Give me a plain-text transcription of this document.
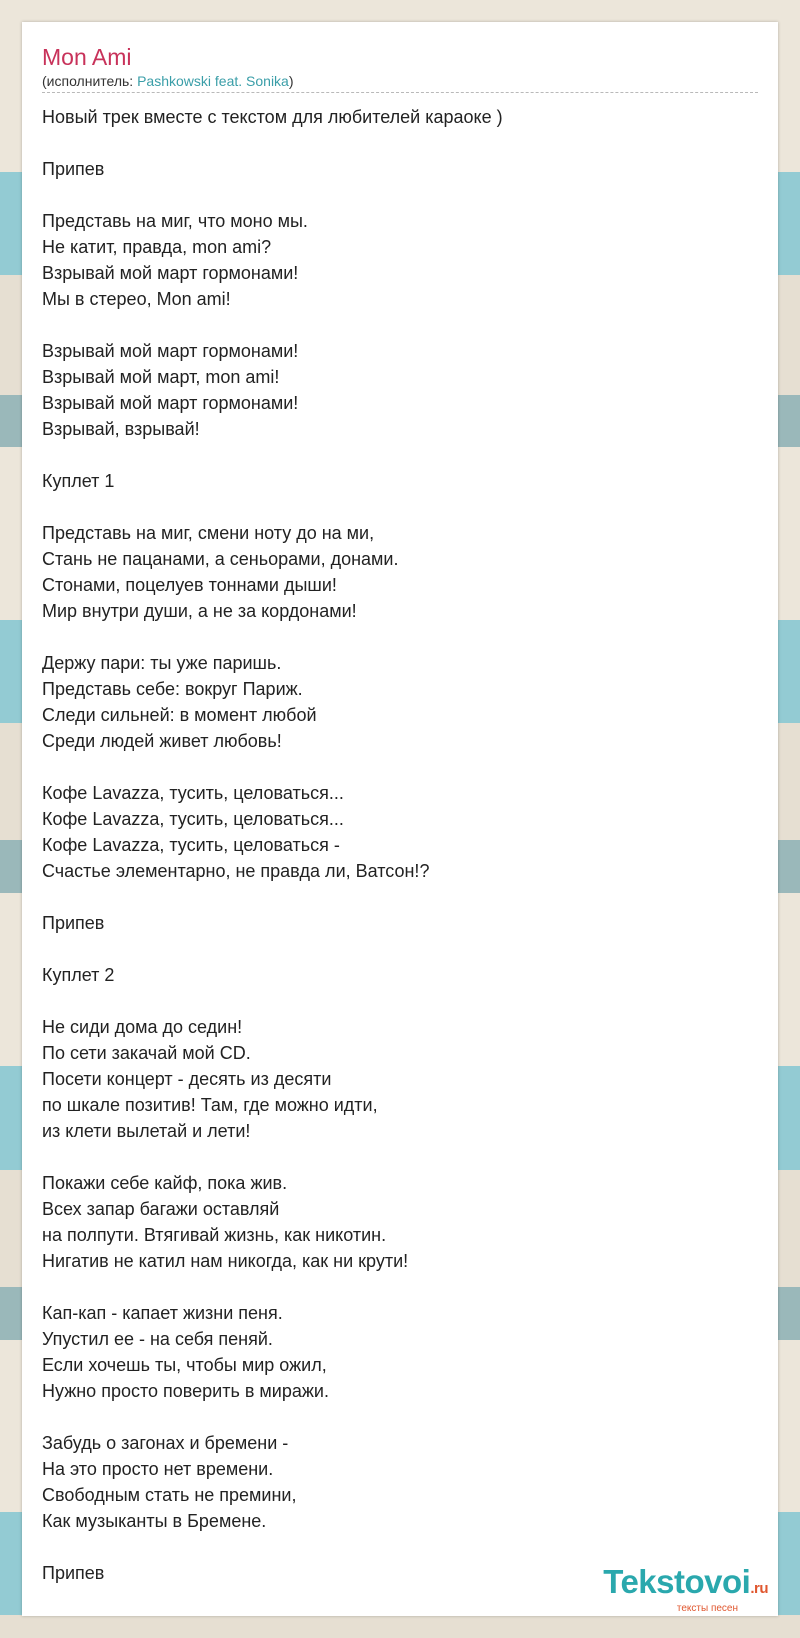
Mon Ami
(исполнитель: Pashkowski feat. Sonika)
Новый трек вместе с текстом для любителей караоке )

Припев

Представь на миг, что моно мы.
Не катит, правда, mon ami?
Взрывай мой март гормонами!
Мы в стерео, Mon ami!

Взрывай мой март гормонами!
Взрывай мой март, mon ami!
Взрывай мой март гормонами!
Взрывай, взрывай!

Куплет 1

Представь на миг, смени ноту до на ми,
Стань не пацанами, а сеньорами, донами.
Стонами, поцелуев тоннами дыши!
Мир внутри души, а не за кордонами!

Держу пари: ты уже паришь.
Представь себе: вокруг Париж.
Следи сильней: в момент любой
Среди людей живет любовь!

Кофе Lavazza, тусить, целоваться...
Кофе Lavazza, тусить, целоваться...
Кофе Lavazza, тусить, целоваться -
Счастье элементарно, не правда ли, Ватсон!?

Припев

Куплет 2

Не сиди дома до седин!
По сети закачай мой CD.
Посети концерт - десять из десяти
по шкале позитив! Там, где можно идти,
из клети вылетай и лети!

Покажи себе кайф, пока жив.
Всех запар багажи оставляй
на полпути. Втягивай жизнь, как никотин.
Нигатив не катил нам никогда, как ни крути!

Кап-кап - капает жизни пеня.
Упустил ее - на себя пеняй.
Если хочешь ты, чтобы мир ожил,
Нужно просто поверить в миражи.

Забудь о загонах и бремени -
На это просто нет времени.
Свободным стать не премини,
Как музыканты в Бремене.

Припев	Tekstovoi.ru
тексты песен
